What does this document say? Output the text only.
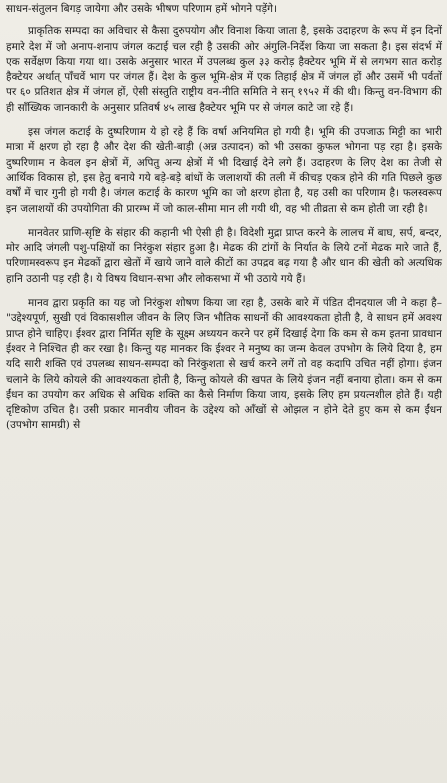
साधन-संतुलन बिगड़ जायेगा और उसके भीषण परिणाम हमें भोगने पड़ेंगे।

प्राकृतिक सम्पदा का अविचार से कैसा दुरुपयोग और विनाश किया जाता है, इसके उदाहरण के रूप में इन दिनों हमारे देश में जो अनाप-शनाप जंगल कटाई चल रही है उसकी ओर अंगुलि-निर्देश किया जा सकता है। इस संदर्भ में एक सर्वेक्षण किया गया था। उसके अनुसार भारत में उपलब्ध कुल ३३ करोड़ हैक्टेयर भूमि में से लगभग सात करोड़ हैक्टेयर अर्थात् पाँचवें भाग पर जंगल हैं। देश के कुल भूमि-क्षेत्र में एक तिहाई क्षेत्र में जंगल हों और उसमें भी पर्वतों पर ६० प्रतिशत क्षेत्र में जंगल हों, ऐसी संस्तुति राष्ट्रीय वन-नीति समिति ने सन् १९५२ में की थी। किन्तु वन-विभाग की ही साँख्यिक जानकारी के अनुसार प्रतिवर्ष ४५ लाख हैक्टेयर भूमि पर से जंगल काटे जा रहे हैं।

इस जंगल कटाई के दुष्परिणाम ये हो रहे हैं कि वर्षा अनियमित हो गयी है। भूमि की उपजाऊ मिट्टी का भारी मात्रा में क्षरण हो रहा है और देश की खेती-बाड़ी (अन्न उत्पादन) को भी उसका कुफल भोगना पड़ रहा है। इसके दुष्परिणाम न केवल इन क्षेत्रों में, अपितु अन्य क्षेत्रों में भी दिखाई देने लगे हैं। उदाहरण के लिए देश का तेजी से आर्थिक विकास हो, इस हेतु बनाये गये बड़े-बड़े बांधों के जलाशयों की तली में कीचड़ एकत्र होने की गति पिछले कुछ वर्षों में चार गुनी हो गयी है। जंगल कटाई के कारण भूमि का जो क्षरण होता है, यह उसी का परिणाम है। फलस्वरूप इन जलाशयों की उपयोगिता की प्रारम्भ में जो काल-सीमा मान ली गयी थी, वह भी तीव्रता से कम होती जा रही है।

मानवेतर प्राणि-सृष्टि के संहार की कहानी भी ऐसी ही है। विदेशी मुद्रा प्राप्त करने के लालच में बाघ, सर्प, बन्दर, मोर आदि जंगली पशु-पक्षियों का निरंकुश संहार हुआ है। मेढक की टांगों के निर्यात के लिये टनों मेढक मारे जाते हैं, परिणामस्वरूप इन मेढकों द्वारा खेतों में खाये जाने वाले कीटों का उपद्रव बढ़ गया है और धान की खेती को अत्यधिक हानि उठानी पड़ रही है। ये विषय विधान-सभा और लोकसभा में भी उठाये गये हैं।

मानव द्वारा प्रकृति का यह जो निरंकुश शोषण किया जा रहा है, उसके बारे में पंडित दीनदयाल जी ने कहा है– "उद्देश्यपूर्ण, सुखी एवं विकासशील जीवन के लिए जिन भौतिक साधनों की आवश्यकता होती है, वे साधन हमें अवश्य प्राप्त होने चाहिए। ईश्वर द्वारा निर्मित सृष्टि के सूक्ष्म अध्ययन करने पर हमें दिखाई देगा कि कम से कम इतना प्रावधान ईश्वर ने निश्चित ही कर रखा है। किन्तु यह मानकर कि ईश्वर ने मनुष्य का जन्म केवल उपभोग के लिये दिया है, हम यदि सारी शक्ति एवं उपलब्ध साधन-सम्पदा को निरंकुशता से खर्च करने लगें तो वह कदापि उचित नहीं होगा। इंजन चलाने के लिये कोयले की आवश्यकता होती है, किन्तु कोयले की खपत के लिये इंजन नहीं बनाया होता। कम से कम ईंधन का उपयोग कर अधिक से अधिक शक्ति का कैसे निर्माण किया जाय, इसके लिए हम प्रयत्नशील होते हैं। यही दृष्टिकोण उचित है। उसी प्रकार मानवीय जीवन के उद्देश्य को आँखों से ओझल न होने देते हुए कम से कम ईंधन (उपभोग सामग्री) से
